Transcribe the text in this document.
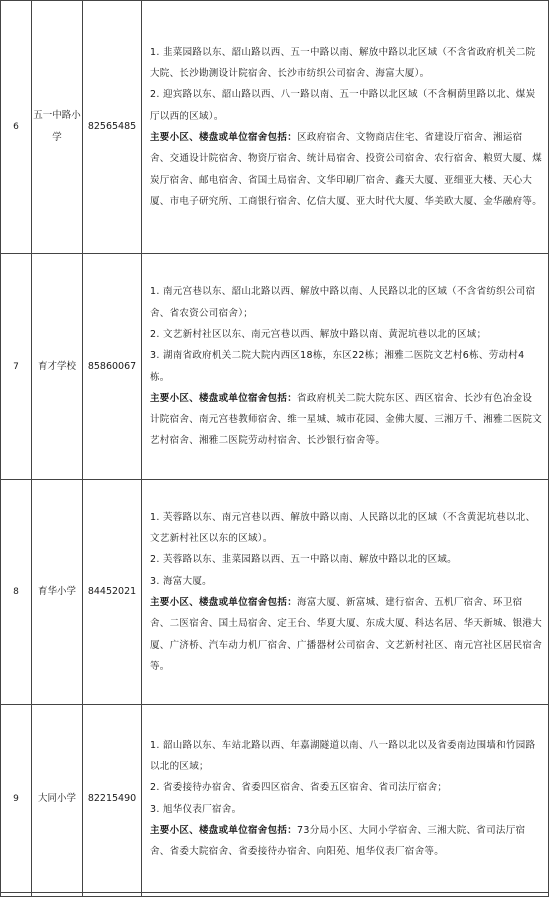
6	五一中路小学	82565485	1. 韭菜园路以东、韶山路以西、五一中路以南、解放中路以北区域（不含省政府机关二院大院、长沙勘测设计院宿舍、长沙市纺织公司宿舍、海富大厦）。

2. 迎宾路以东、韶山路以西、八一路以南、五一中路以北区域（不含桐荫里路以北、煤炭厅以西的区域）。

主要小区、楼盘或单位宿舍包括：区政府宿舍、文物商店住宅、省建设厅宿舍、湘运宿舍、交通设计院宿舍、物资厅宿舍、统计局宿舍、投资公司宿舍、农行宿舍、粮贸大厦、煤炭厅宿舍、邮电宿舍、省国土局宿舍、文华印刷厂宿舍、鑫天大厦、亚细亚大楼、天心大厦、市电子研究所、工商银行宿舍、亿信大厦、亚大时代大厦、华美欧大厦、金华融府等。

7	育才学校	85860067	1. 南元宫巷以东、韶山北路以西、解放中路以南、人民路以北的区域（不含省纺织公司宿舍、省农资公司宿舍）；

2. 文艺新村社区以东、南元宫巷以西、解放中路以南、黄泥坑巷以北的区域；

3. 湖南省政府机关二院大院内西区18栋，东区22栋；湘雅二医院文艺村6栋、劳动村4栋。

主要小区、楼盘或单位宿舍包括：省政府机关二院大院东区、西区宿舍、长沙有色冶金设计院宿舍、南元宫巷教师宿舍、维一星城、城市花园、金佛大厦、三湘万千、湘雅二医院文艺村宿舍、湘雅二医院劳动村宿舍、长沙银行宿舍等。

8	育华小学	84452021	1. 芙蓉路以东、南元宫巷以西、解放中路以南、人民路以北的区域（不含黄泥坑巷以北、文艺新村社区以东的区域）。

2. 芙蓉路以东、韭菜园路以西、五一中路以南、解放中路以北的区域。

3. 海富大厦。

主要小区、楼盘或单位宿舍包括：海富大厦、新富城、建行宿舍、五机厂宿舍、环卫宿舍、二医宿舍、国土局宿舍、定王台、华夏大厦、东成大厦、科达名居、华天新城、银港大厦、广济桥、汽车动力机厂宿舍、广播器材公司宿舍、文艺新村社区、南元宫社区居民宿舍等。

9	大同小学	82215490	1. 韶山路以东、车站北路以西、年嘉湖隧道以南、八一路以北以及省委南边围墙和竹园路以北的区域；

2. 省委接待办宿舍、省委四区宿舍、省委五区宿舍、省司法厅宿舍；

3. 旭华仪表厂宿舍。

主要小区、楼盘或单位宿舍包括：73分局小区、大同小学宿舍、三湘大院、省司法厅宿舍、省委大院宿舍、省委接待办宿舍、向阳苑、旭华仪表厂宿舍等。
